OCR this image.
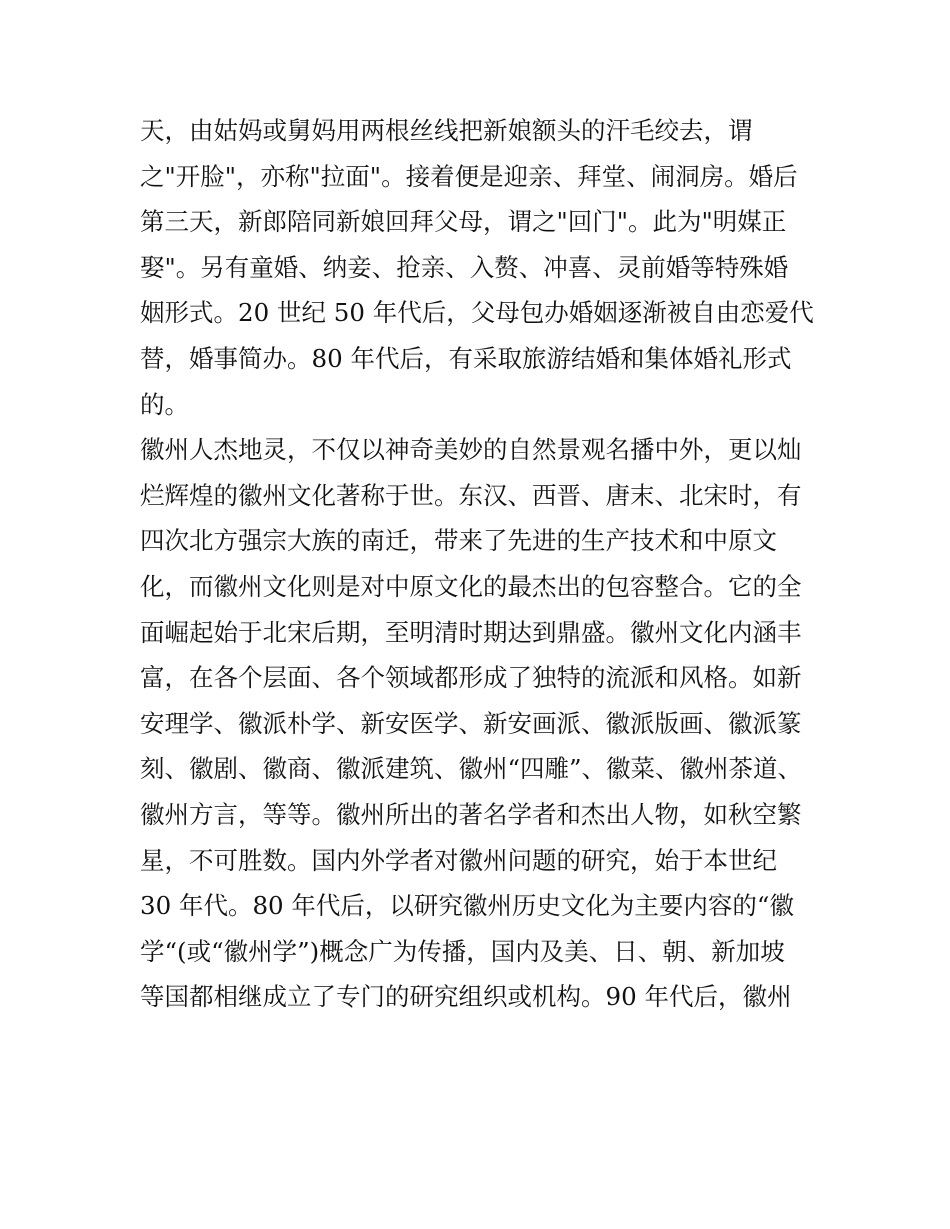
天，由姑妈或舅妈用两根丝线把新娘额头的汗毛绞去，谓
之"开脸"，亦称"拉面"。接着便是迎亲、拜堂、闹洞房。婚后
第三天，新郎陪同新娘回拜父母，谓之"回门"。此为"明媒正
娶"。另有童婚、纳妾、抢亲、入赘、冲喜、灵前婚等特殊婚
姻形式。20 世纪 50 年代后，父母包办婚姻逐渐被自由恋爱代
替，婚事简办。80 年代后，有采取旅游结婚和集体婚礼形式
的。
徽州人杰地灵，不仅以神奇美妙的自然景观名播中外，更以灿
烂辉煌的徽州文化著称于世。东汉、西晋、唐末、北宋时，有
四次北方强宗大族的南迁，带来了先进的生产技术和中原文
化，而徽州文化则是对中原文化的最杰出的包容整合。它的全
面崛起始于北宋后期，至明清时期达到鼎盛。徽州文化内涵丰
富，在各个层面、各个领域都形成了独特的流派和风格。如新
安理学、徽派朴学、新安医学、新安画派、徽派版画、徽派篆
刻、徽剧、徽商、徽派建筑、徽州“四雕”、徽菜、徽州茶道、
徽州方言，等等。徽州所出的著名学者和杰出人物，如秋空繁
星，不可胜数。国内外学者对徽州问题的研究，始于本世纪
30 年代。80 年代后，以研究徽州历史文化为主要内容的“徽
学“(或“徽州学”)概念广为传播，国内及美、日、朝、新加坡
等国都相继成立了专门的研究组织或机构。90 年代后，徽州
